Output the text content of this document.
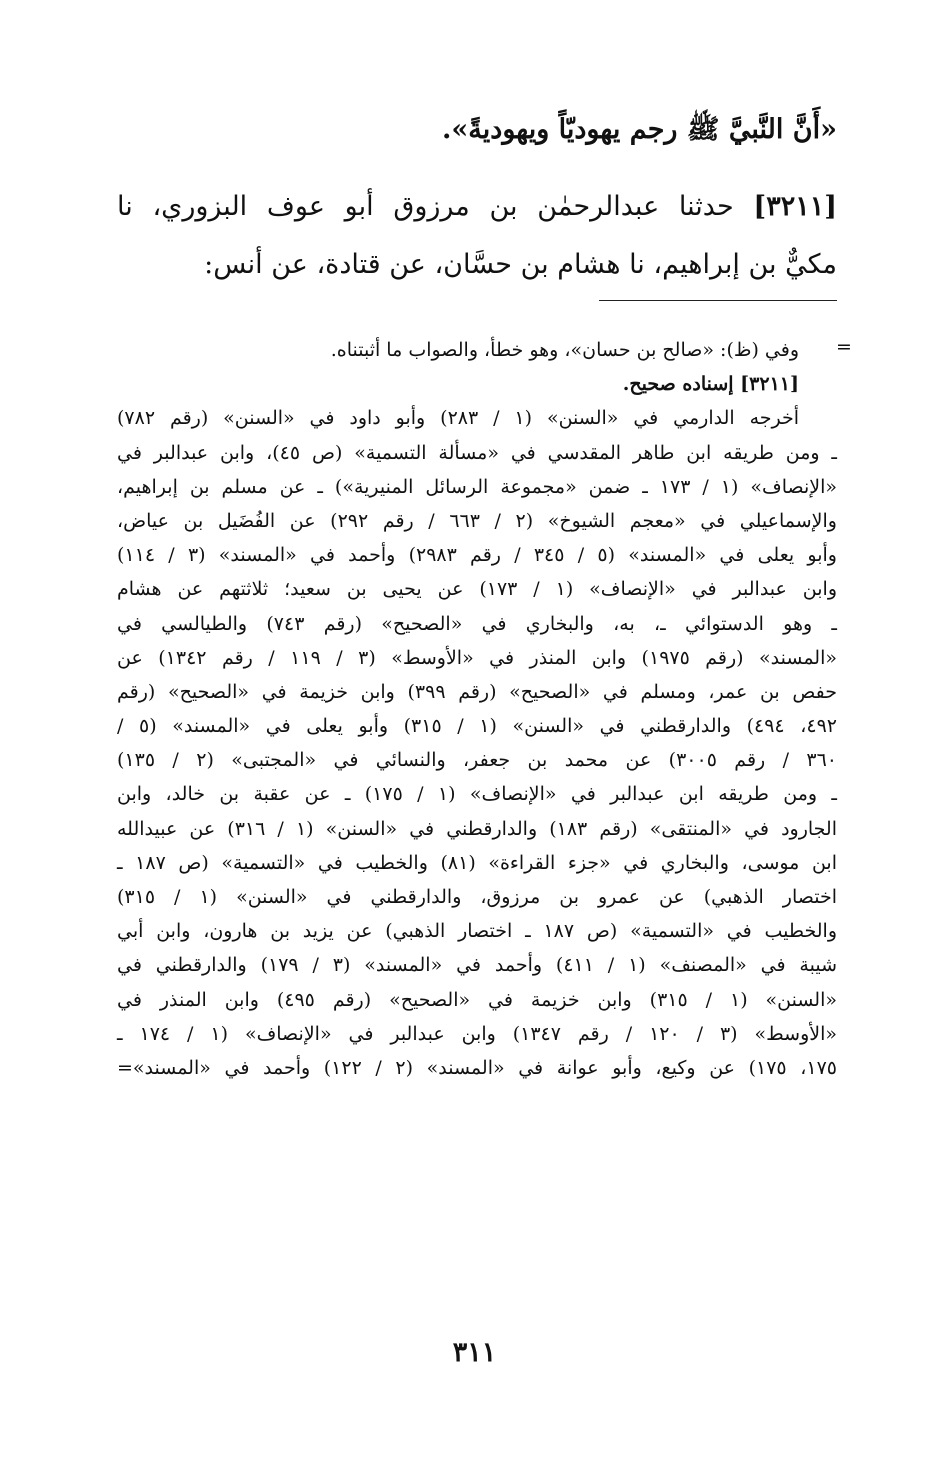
«أَنَّ النَّبيَّ ﷺ رجم يهوديّاً ويهوديةً».
[٣٢١١] حدثنا عبدالرحمٰن بن مرزوق أبو عوف البزوري، نا
مكيٌّ بن إبراهيم، نا هشام بن حسَّان، عن قتادة، عن أنس:
=
وفي (ظ): «صالح بن حسان»، وهو خطأ، والصواب ما أثبتناه.
[٣٢١١] إسناده صحيح.
أخرجه الدارمي في «السنن» (١ / ٢٨٣) وأبو داود في «السنن» (رقم ٧٨٢)
ـ ومن طريقه ابن طاهر المقدسي في «مسألة التسمية» (ص ٤٥)، وابن عبدالبر في
«الإنصاف» (١ / ١٧٣ ـ ضمن «مجموعة الرسائل المنيرية») ـ عن مسلم بن إبراهيم،
والإسماعيلي في «معجم الشيوخ» (٢ / ٦٦٣ / رقم ٢٩٢) عن الفُضَيل بن عياض،
وأبو يعلى في «المسند» (٥ / ٣٤٥ / رقم ٢٩٨٣) وأحمد في «المسند» (٣ / ١١٤)
وابن عبدالبر في «الإنصاف» (١ / ١٧٣) عن يحيى بن سعيد؛ ثلاثتهم عن هشام
ـ وهو الدستوائي ـ، به، والبخاري في «الصحيح» (رقم ٧٤٣) والطيالسي في
«المسند» (رقم ١٩٧٥) وابن المنذر في «الأوسط» (٣ / ١١٩ / رقم ١٣٤٢) عن
حفص بن عمر، ومسلم في «الصحيح» (رقم ٣٩٩) وابن خزيمة في «الصحيح» (رقم
٤٩٢، ٤٩٤) والدارقطني في «السنن» (١ / ٣١٥) وأبو يعلى في «المسند» (٥ /
٣٦٠ / رقم ٣٠٠٥) عن محمد بن جعفر، والنسائي في «المجتبى» (٢ / ١٣٥)
ـ ومن طريقه ابن عبدالبر في «الإنصاف» (١ / ١٧٥) ـ عن عقبة بن خالد، وابن
الجارود في «المنتقى» (رقم ١٨٣) والدارقطني في «السنن» (١ / ٣١٦) عن عبيدالله
ابن موسى، والبخاري في «جزء القراءة» (٨١) والخطيب في «التسمية» (ص ١٨٧ ـ
اختصار الذهبي) عن عمرو بن مرزوق، والدارقطني في «السنن» (١ / ٣١٥)
والخطيب في «التسمية» (ص ١٨٧ ـ اختصار الذهبي) عن يزيد بن هارون، وابن أبي
شيبة في «المصنف» (١ / ٤١١) وأحمد في «المسند» (٣ / ١٧٩) والدارقطني في
«السنن» (١ / ٣١٥) وابن خزيمة في «الصحيح» (رقم ٤٩٥) وابن المنذر في
«الأوسط» (٣ / ١٢٠ / رقم ١٣٤٧) وابن عبدالبر في «الإنصاف» (١ / ١٧٤ ـ
١٧٥، ١٧٥) عن وكيع، وأبو عوانة في «المسند» (٢ / ١٢٢) وأحمد في «المسند»=
٣١١
